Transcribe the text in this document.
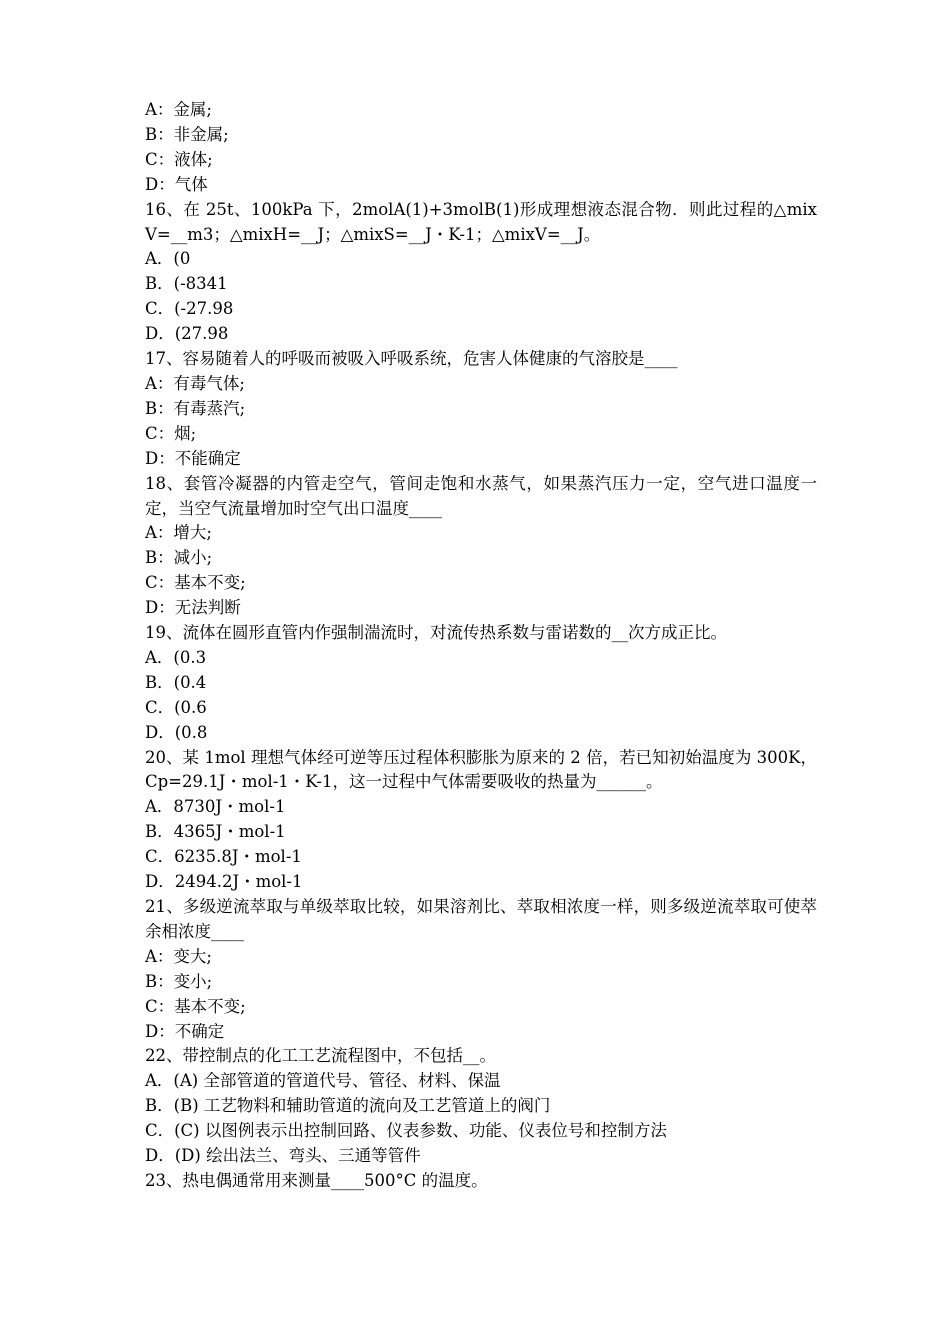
A：金属;
B：非金属;
C：液体;
D：气体
16、在 25t、100kPa 下，2molA(1)+3molB(1)形成理想液态混合物．则此过程的△mixV=__m3；△mixH=__J；△mixS=__J・K-1；△mixV=__J。
A．(0
B．(-8341
C．(-27.98
D．(27.98
17、容易随着人的呼吸而被吸入呼吸系统，危害人体健康的气溶胶是____
A：有毒气体;
B：有毒蒸汽;
C：烟;
D：不能确定
18、套管冷凝器的内管走空气，管间走饱和水蒸气，如果蒸汽压力一定，空气进口温度一定，当空气流量增加时空气出口温度____
A：增大;
B：减小;
C：基本不变;
D：无法判断
19、流体在圆形直管内作强制湍流时，对流传热系数与雷诺数的__次方成正比。
A．(0.3
B．(0.4
C．(0.6
D．(0.8
20、某 1mol 理想气体经可逆等压过程体积膨胀为原来的 2 倍，若已知初始温度为 300K，Cp=29.1J・mol-1・K-1，这一过程中气体需要吸收的热量为______。
A．8730J・mol-1
B．4365J・mol-1
C．6235.8J・mol-1
D．2494.2J・mol-1
21、多级逆流萃取与单级萃取比较，如果溶剂比、萃取相浓度一样，则多级逆流萃取可使萃余相浓度____
A：变大;
B：变小;
C：基本不变;
D：不确定
22、带控制点的化工工艺流程图中，不包括__。
A．(A) 全部管道的管道代号、管径、材料、保温
B．(B) 工艺物料和辅助管道的流向及工艺管道上的阀门
C．(C) 以图例表示出控制回路、仪表参数、功能、仪表位号和控制方法
D．(D) 绘出法兰、弯头、三通等管件
23、热电偶通常用来测量____500°C 的温度。
